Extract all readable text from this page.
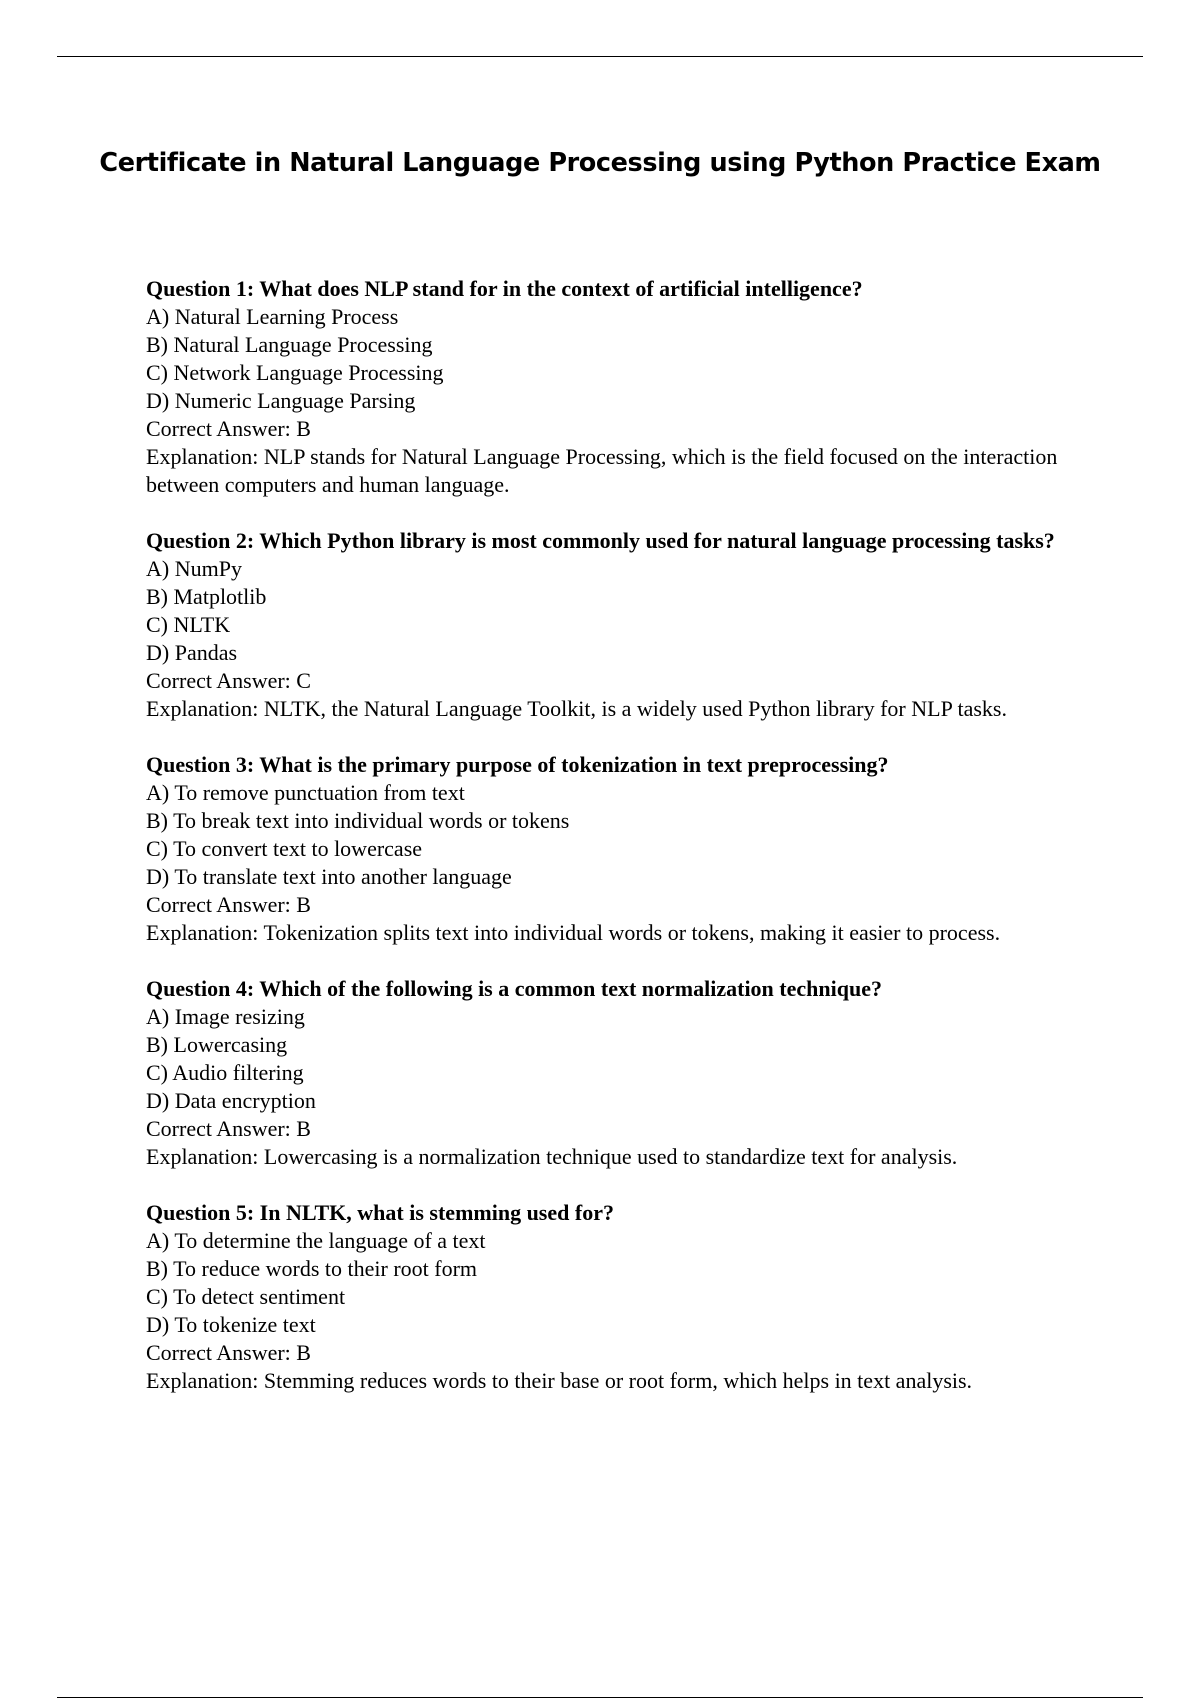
Certificate in Natural Language Processing using Python Practice Exam

Question 1: What does NLP stand for in the context of artificial intelligence?

A) Natural Learning Process

B) Natural Language Processing

C) Network Language Processing

D) Numeric Language Parsing

Correct Answer: B

Explanation: NLP stands for Natural Language Processing, which is the field focused on the interaction between computers and human language.

Question 2: Which Python library is most commonly used for natural language processing tasks?

A) NumPy

B) Matplotlib

C) NLTK

D) Pandas

Correct Answer: C

Explanation: NLTK, the Natural Language Toolkit, is a widely used Python library for NLP tasks.

Question 3: What is the primary purpose of tokenization in text preprocessing?

A) To remove punctuation from text

B) To break text into individual words or tokens

C) To convert text to lowercase

D) To translate text into another language

Correct Answer: B

Explanation: Tokenization splits text into individual words or tokens, making it easier to process.

Question 4: Which of the following is a common text normalization technique?

A) Image resizing

B) Lowercasing

C) Audio filtering

D) Data encryption

Correct Answer: B

Explanation: Lowercasing is a normalization technique used to standardize text for analysis.

Question 5: In NLTK, what is stemming used for?

A) To determine the language of a text

B) To reduce words to their root form

C) To detect sentiment

D) To tokenize text

Correct Answer: B

Explanation: Stemming reduces words to their base or root form, which helps in text analysis.
